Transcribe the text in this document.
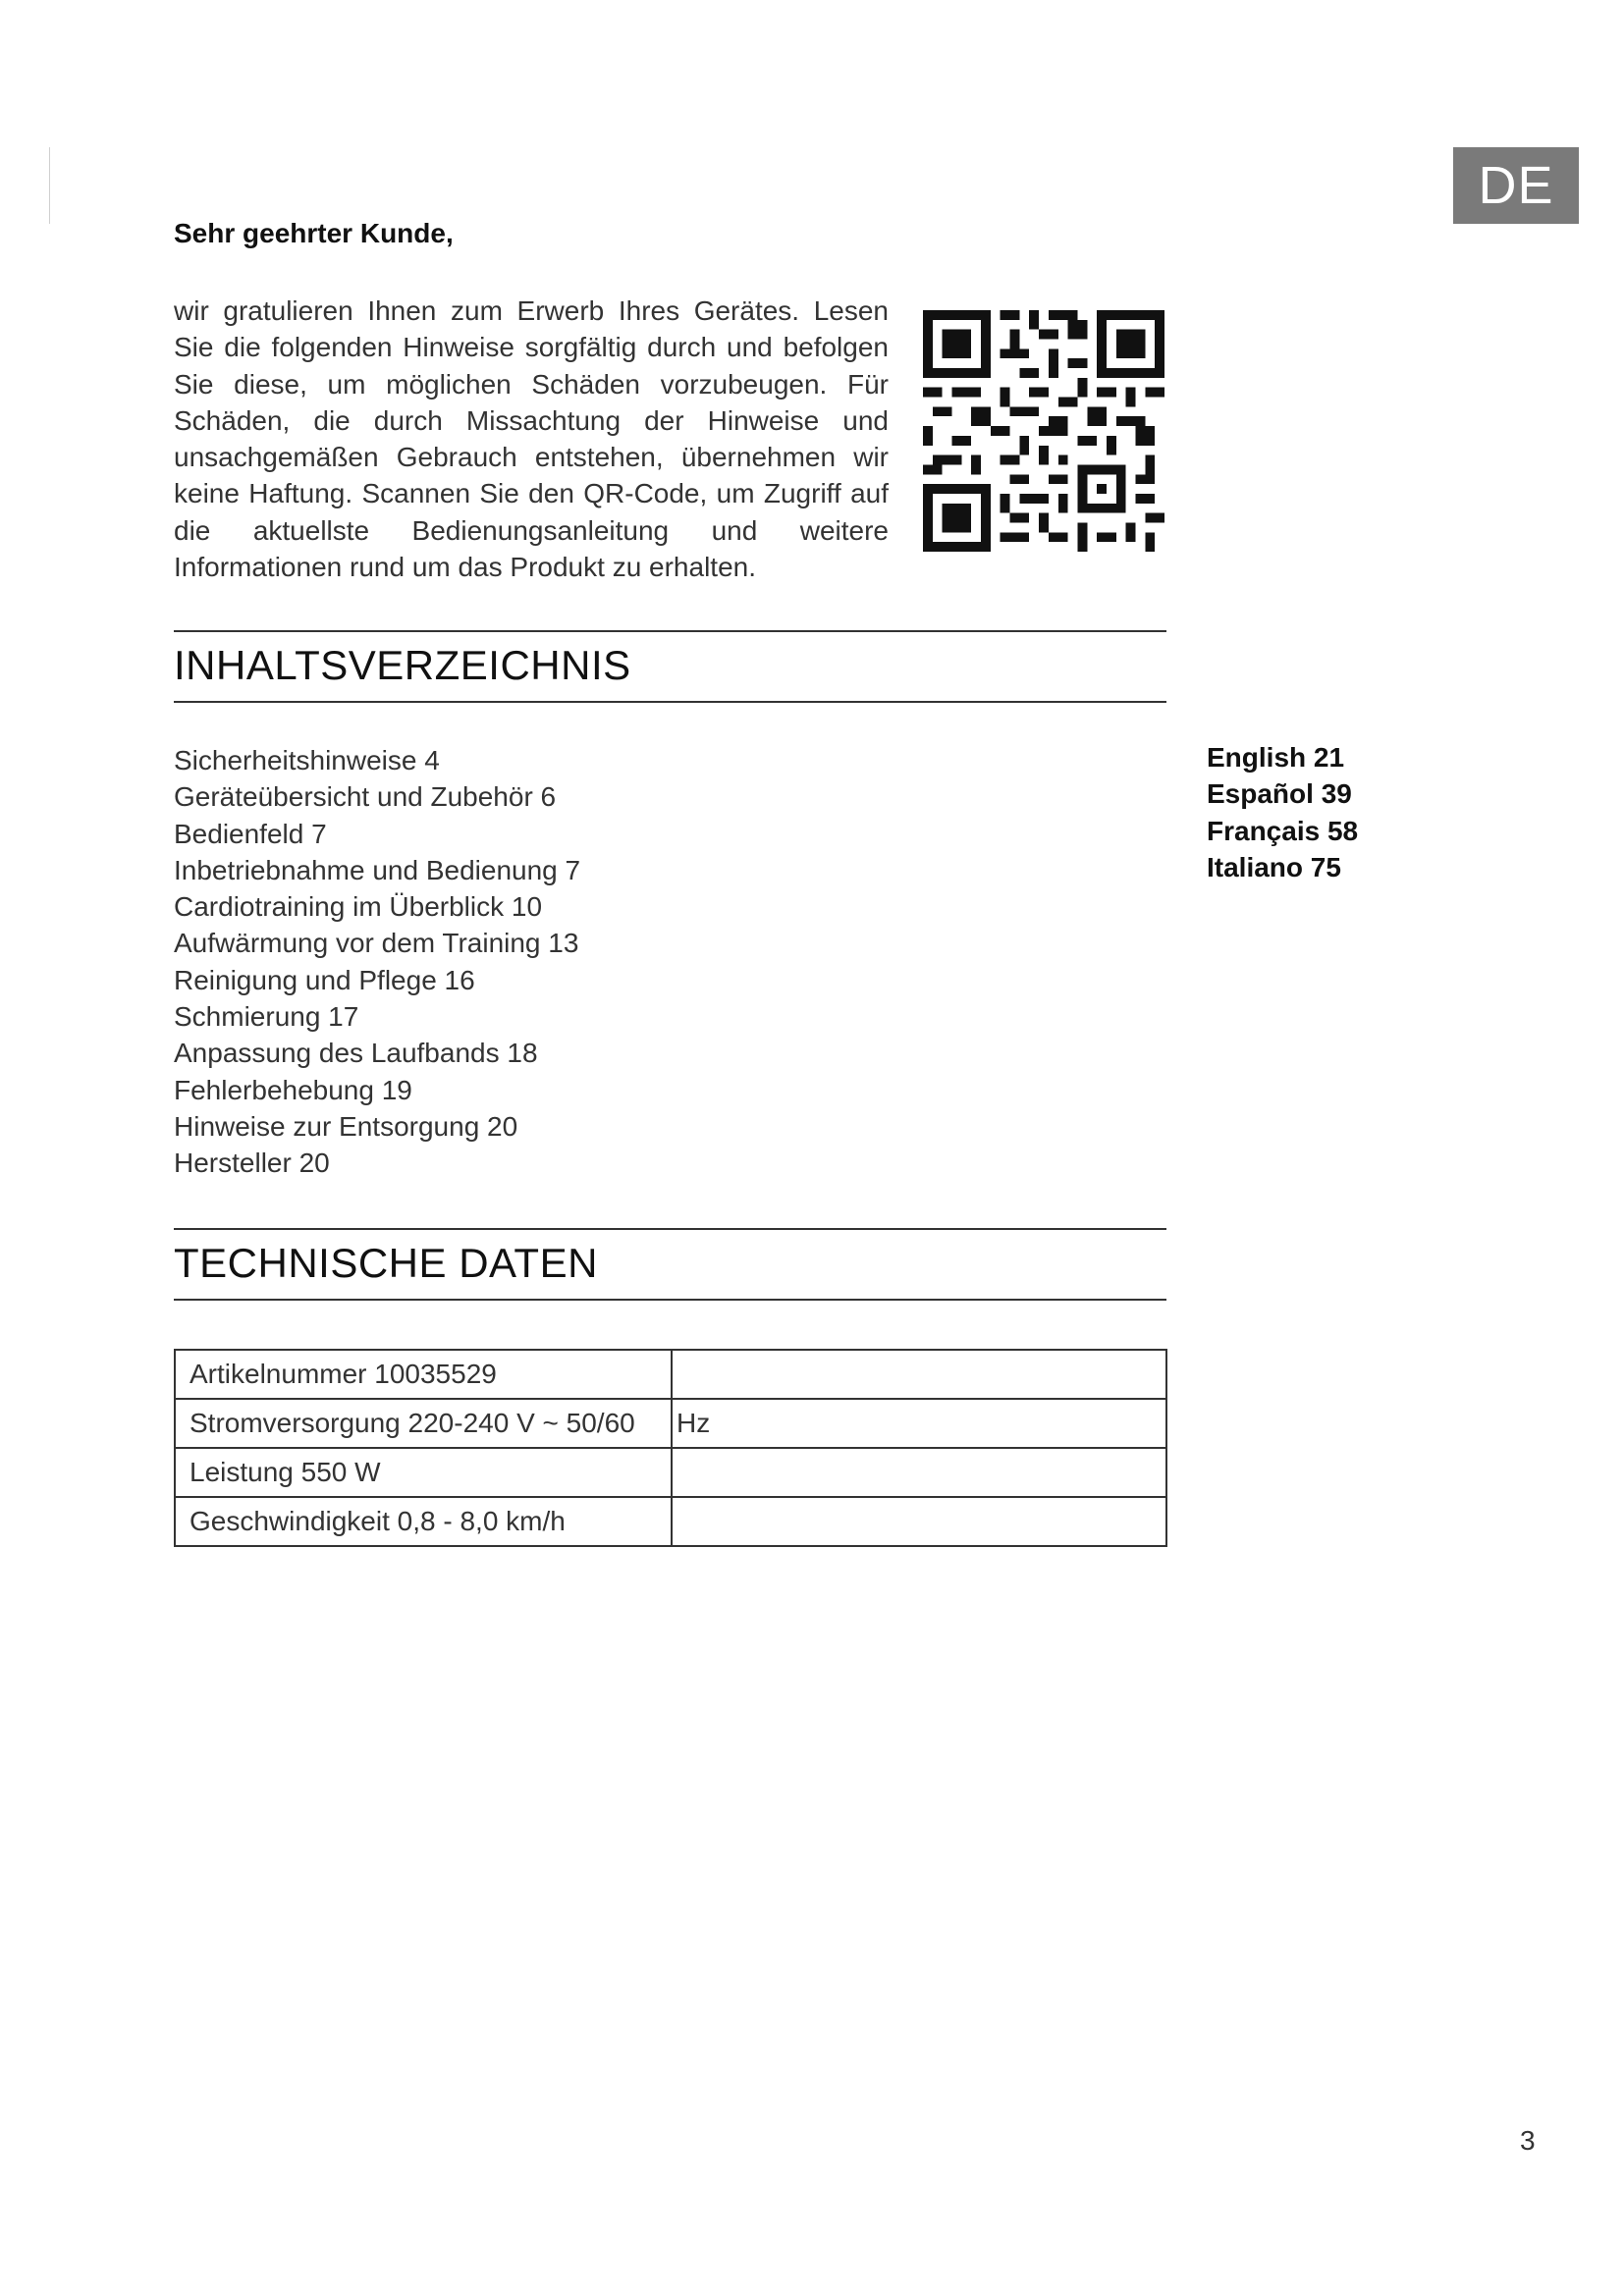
DE
Sehr geehrter Kunde,

wir gratulieren Ihnen zum Erwerb Ihres Gerätes. Lesen Sie die folgenden Hinweise sorgfältig durch und befolgen Sie diese, um möglichen Schäden vorzubeugen. Für Schäden, die durch Missachtung der Hinweise und unsachgemäßen Gebrauch entstehen, übernehmen wir keine Haftung. Scannen Sie den QR-Code, um Zugriff auf die aktuellste Bedienungsanleitung und weitere Informationen rund um das Produkt zu erhalten.

INHALTSVERZEICHNIS
Sicherheitshinweise 4
Geräteübersicht und Zubehör 6
Bedienfeld 7
Inbetriebnahme und Bedienung 7
Cardiotraining im Überblick 10
Aufwärmung vor dem Training 13
Reinigung und Pflege 16
Schmierung 17
Anpassung des Laufbands 18
Fehlerbehebung 19
Hinweise zur Entsorgung 20
Hersteller 20
English 21
Español 39
Français 58
Italiano 75
TECHNISCHE DATEN
Artikelnummer 10035529	
Stromversorgung 220-240 V ~ 50/60	Hz
Leistung 550 W	
Geschwindigkeit 0,8 - 8,0 km/h	
3
